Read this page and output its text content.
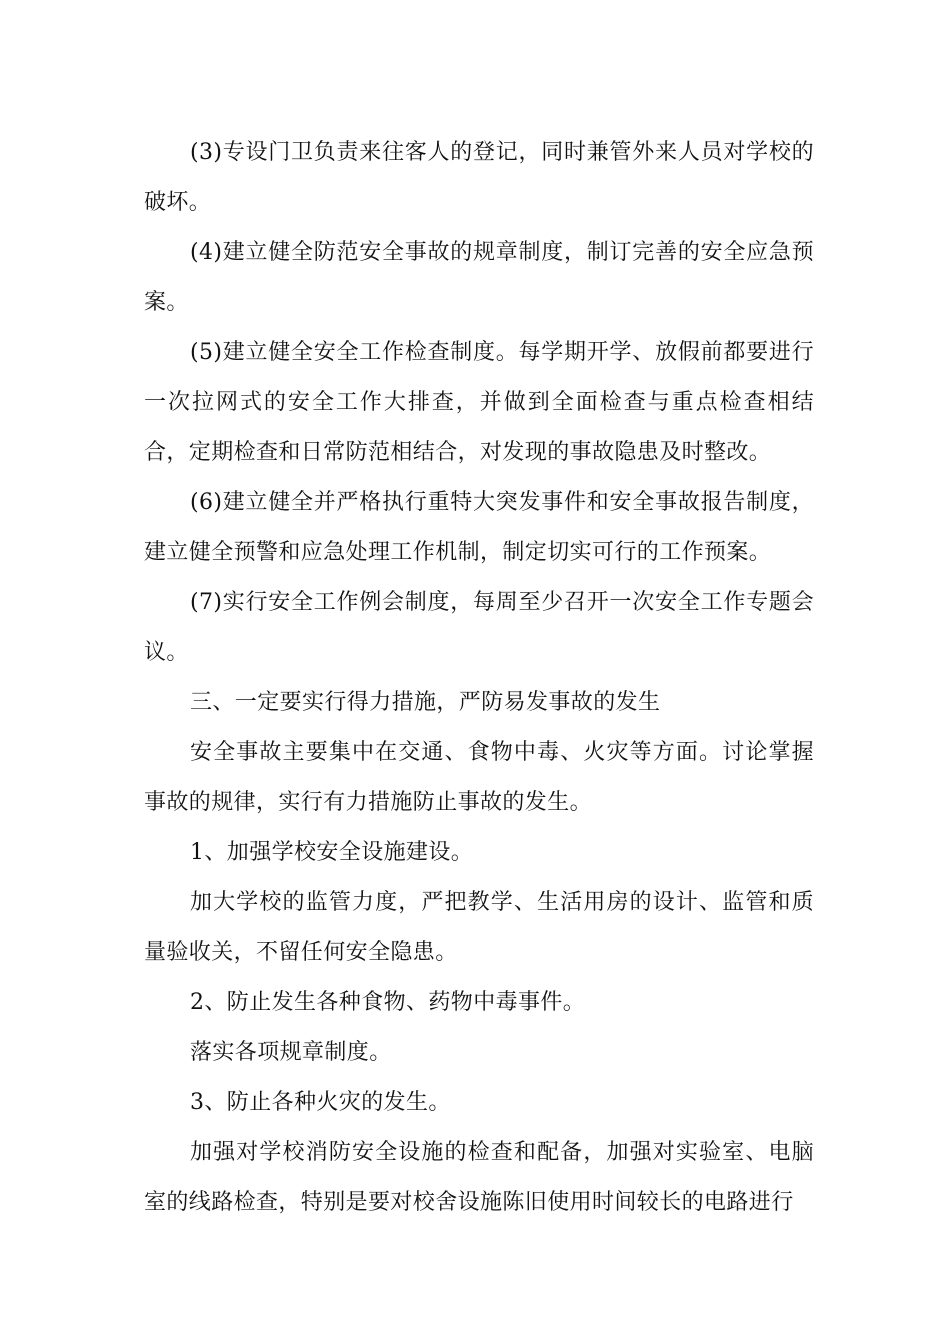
(3)专设门卫负责来往客人的登记，同时兼管外来人员对学校的破坏。

(4)建立健全防范安全事故的规章制度，制订完善的安全应急预案。

(5)建立健全安全工作检查制度。每学期开学、放假前都要进行一次拉网式的安全工作大排查，并做到全面检查与重点检查相结合，定期检查和日常防范相结合，对发现的事故隐患及时整改。

(6)建立健全并严格执行重特大突发事件和安全事故报告制度，建立健全预警和应急处理工作机制，制定切实可行的工作预案。

(7)实行安全工作例会制度，每周至少召开一次安全工作专题会议。

三、一定要实行得力措施，严防易发事故的发生

安全事故主要集中在交通、食物中毒、火灾等方面。讨论掌握事故的规律，实行有力措施防止事故的发生。

1、加强学校安全设施建设。

加大学校的监管力度，严把教学、生活用房的设计、监管和质量验收关，不留任何安全隐患。

2、防止发生各种食物、药物中毒事件。

落实各项规章制度。

3、防止各种火灾的发生。

加强对学校消防安全设施的检查和配备，加强对实验室、电脑室的线路检查，特别是要对校舍设施陈旧使用时间较长的电路进行
